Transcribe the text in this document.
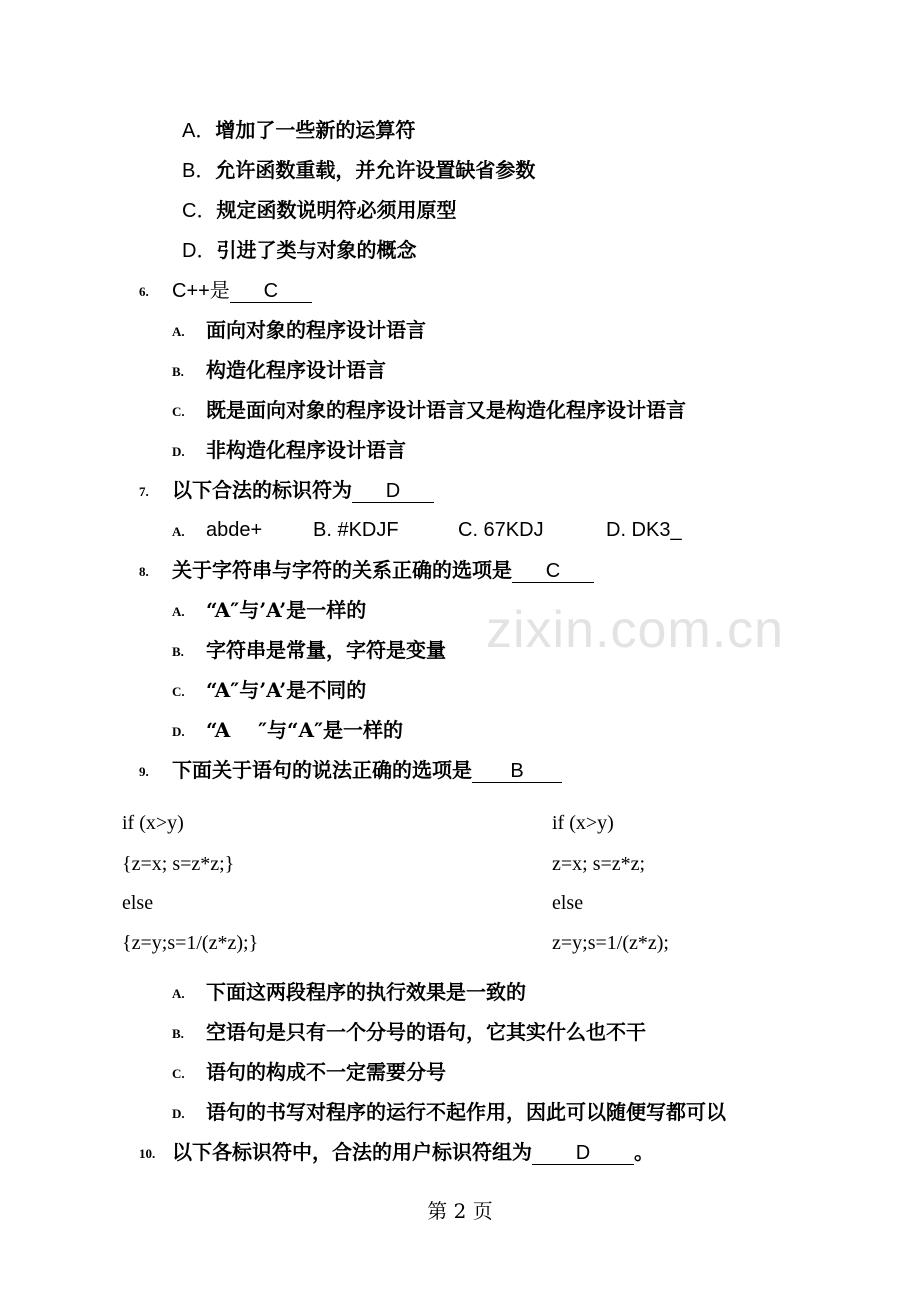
zixin.com.cn
A．增加了一些新的运算符
B．允许函数重载，并允许设置缺省参数
C．规定函数说明符必须用原型
D．引进了类与对象的概念
6. C++是 C
A. 面向对象的程序设计语言
B. 构造化程序设计语言
C. 既是面向对象的程序设计语言又是构造化程序设计语言
D. 非构造化程序设计语言
7. 以下合法的标识符为 D
A. abde+	B. #KDJF	C. 67KDJ	D. DK3_
8. 关于字符串与字符的关系正确的选项是 C
A. “A″与’A’是一样的
B. 字符串是常量，字符是变量
C. “A″与’A’是不同的
D. “A    ″与“A″是一样的
9. 下面关于语句的说法正确的选项是 B
if (x>y)
{z=x; s=z*z;}
else
{z=y;s=1/(z*z);}
if (x>y)
z=x; s=z*z;
else
z=y;s=1/(z*z);
A. 下面这两段程序的执行效果是一致的
B. 空语句是只有一个分号的语句，它其实什么也不干
C. 语句的构成不一定需要分号
D. 语句的书写对程序的运行不起作用，因此可以随便写都可以
10. 以下各标识符中，合法的用户标识符组为 D 。
第 2 页
